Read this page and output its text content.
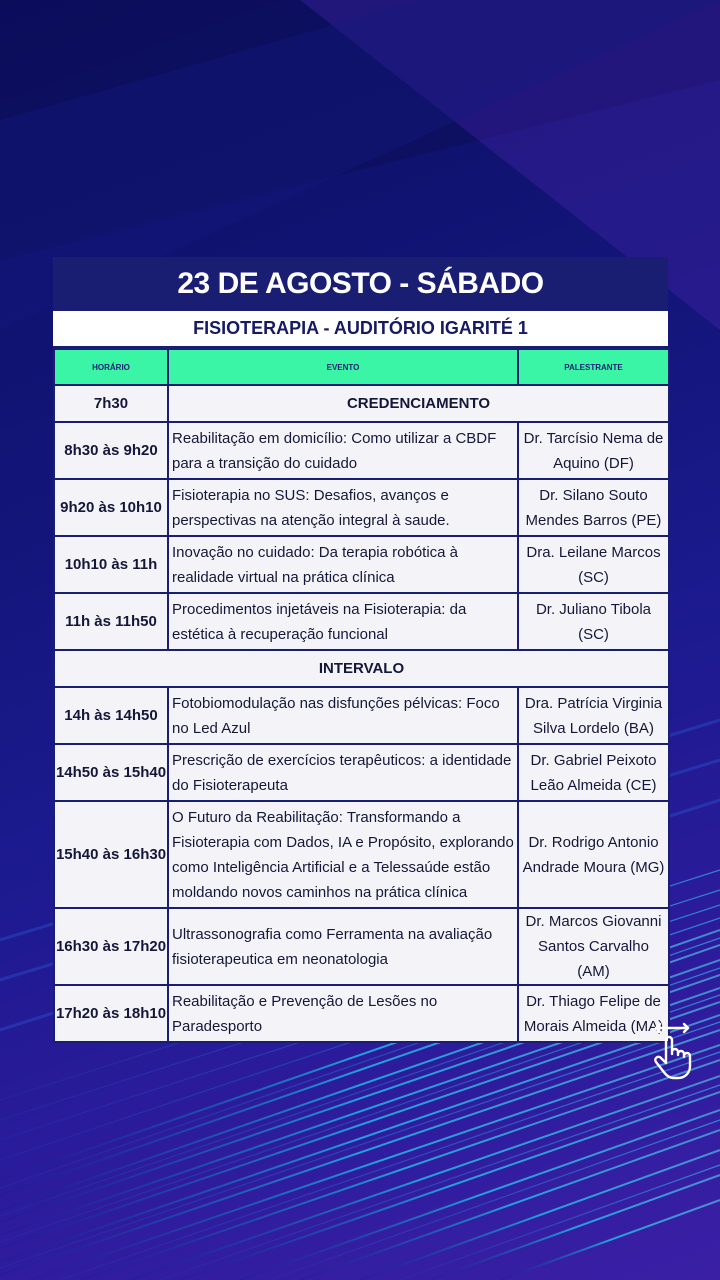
23 DE AGOSTO - SÁBADO
FISIOTERAPIA - AUDITÓRIO IGARITÉ 1
HORÁRIO	EVENTO	PALESTRANTE
7h30	CREDENCIAMENTO	
8h30 às 9h20	Reabilitação em domicílio: Como utilizar a CBDF para a transição do cuidado	Dr. Tarcísio Nema de Aquino (DF)
9h20 às 10h10	Fisioterapia no SUS: Desafios, avanços e perspectivas na atenção integral à saude.	Dr. Silano Souto Mendes Barros (PE)
10h10 às 11h	Inovação no cuidado: Da terapia robótica à realidade virtual na prática clínica	Dra. Leilane Marcos (SC)
11h às 11h50	Procedimentos injetáveis na Fisioterapia: da estética à recuperação funcional	Dr. Juliano Tibola (SC)
INTERVALO		
14h às 14h50	Fotobiomodulação nas disfunções pélvicas: Foco no Led Azul	Dra. Patrícia Virginia Silva Lordelo (BA)
14h50 às 15h40	Prescrição de exercícios terapêuticos: a identidade do Fisioterapeuta	Dr. Gabriel Peixoto Leão Almeida (CE)
15h40 às 16h30	O Futuro da Reabilitação: Transformando a Fisioterapia com Dados, IA e Propósito, explorando como Inteligência Artificial e a Telessaúde estão moldando novos caminhos na prática clínica	Dr. Rodrigo Antonio Andrade Moura (MG)
16h30 às 17h20	Ultrassonografia como Ferramenta na avaliação fisioterapeutica em neonatologia	Dr. Marcos Giovanni Santos Carvalho (AM)
17h20 às 18h10	Reabilitação e Prevenção de Lesões no Paradesporto	Dr. Thiago Felipe de Morais Almeida (MA)
